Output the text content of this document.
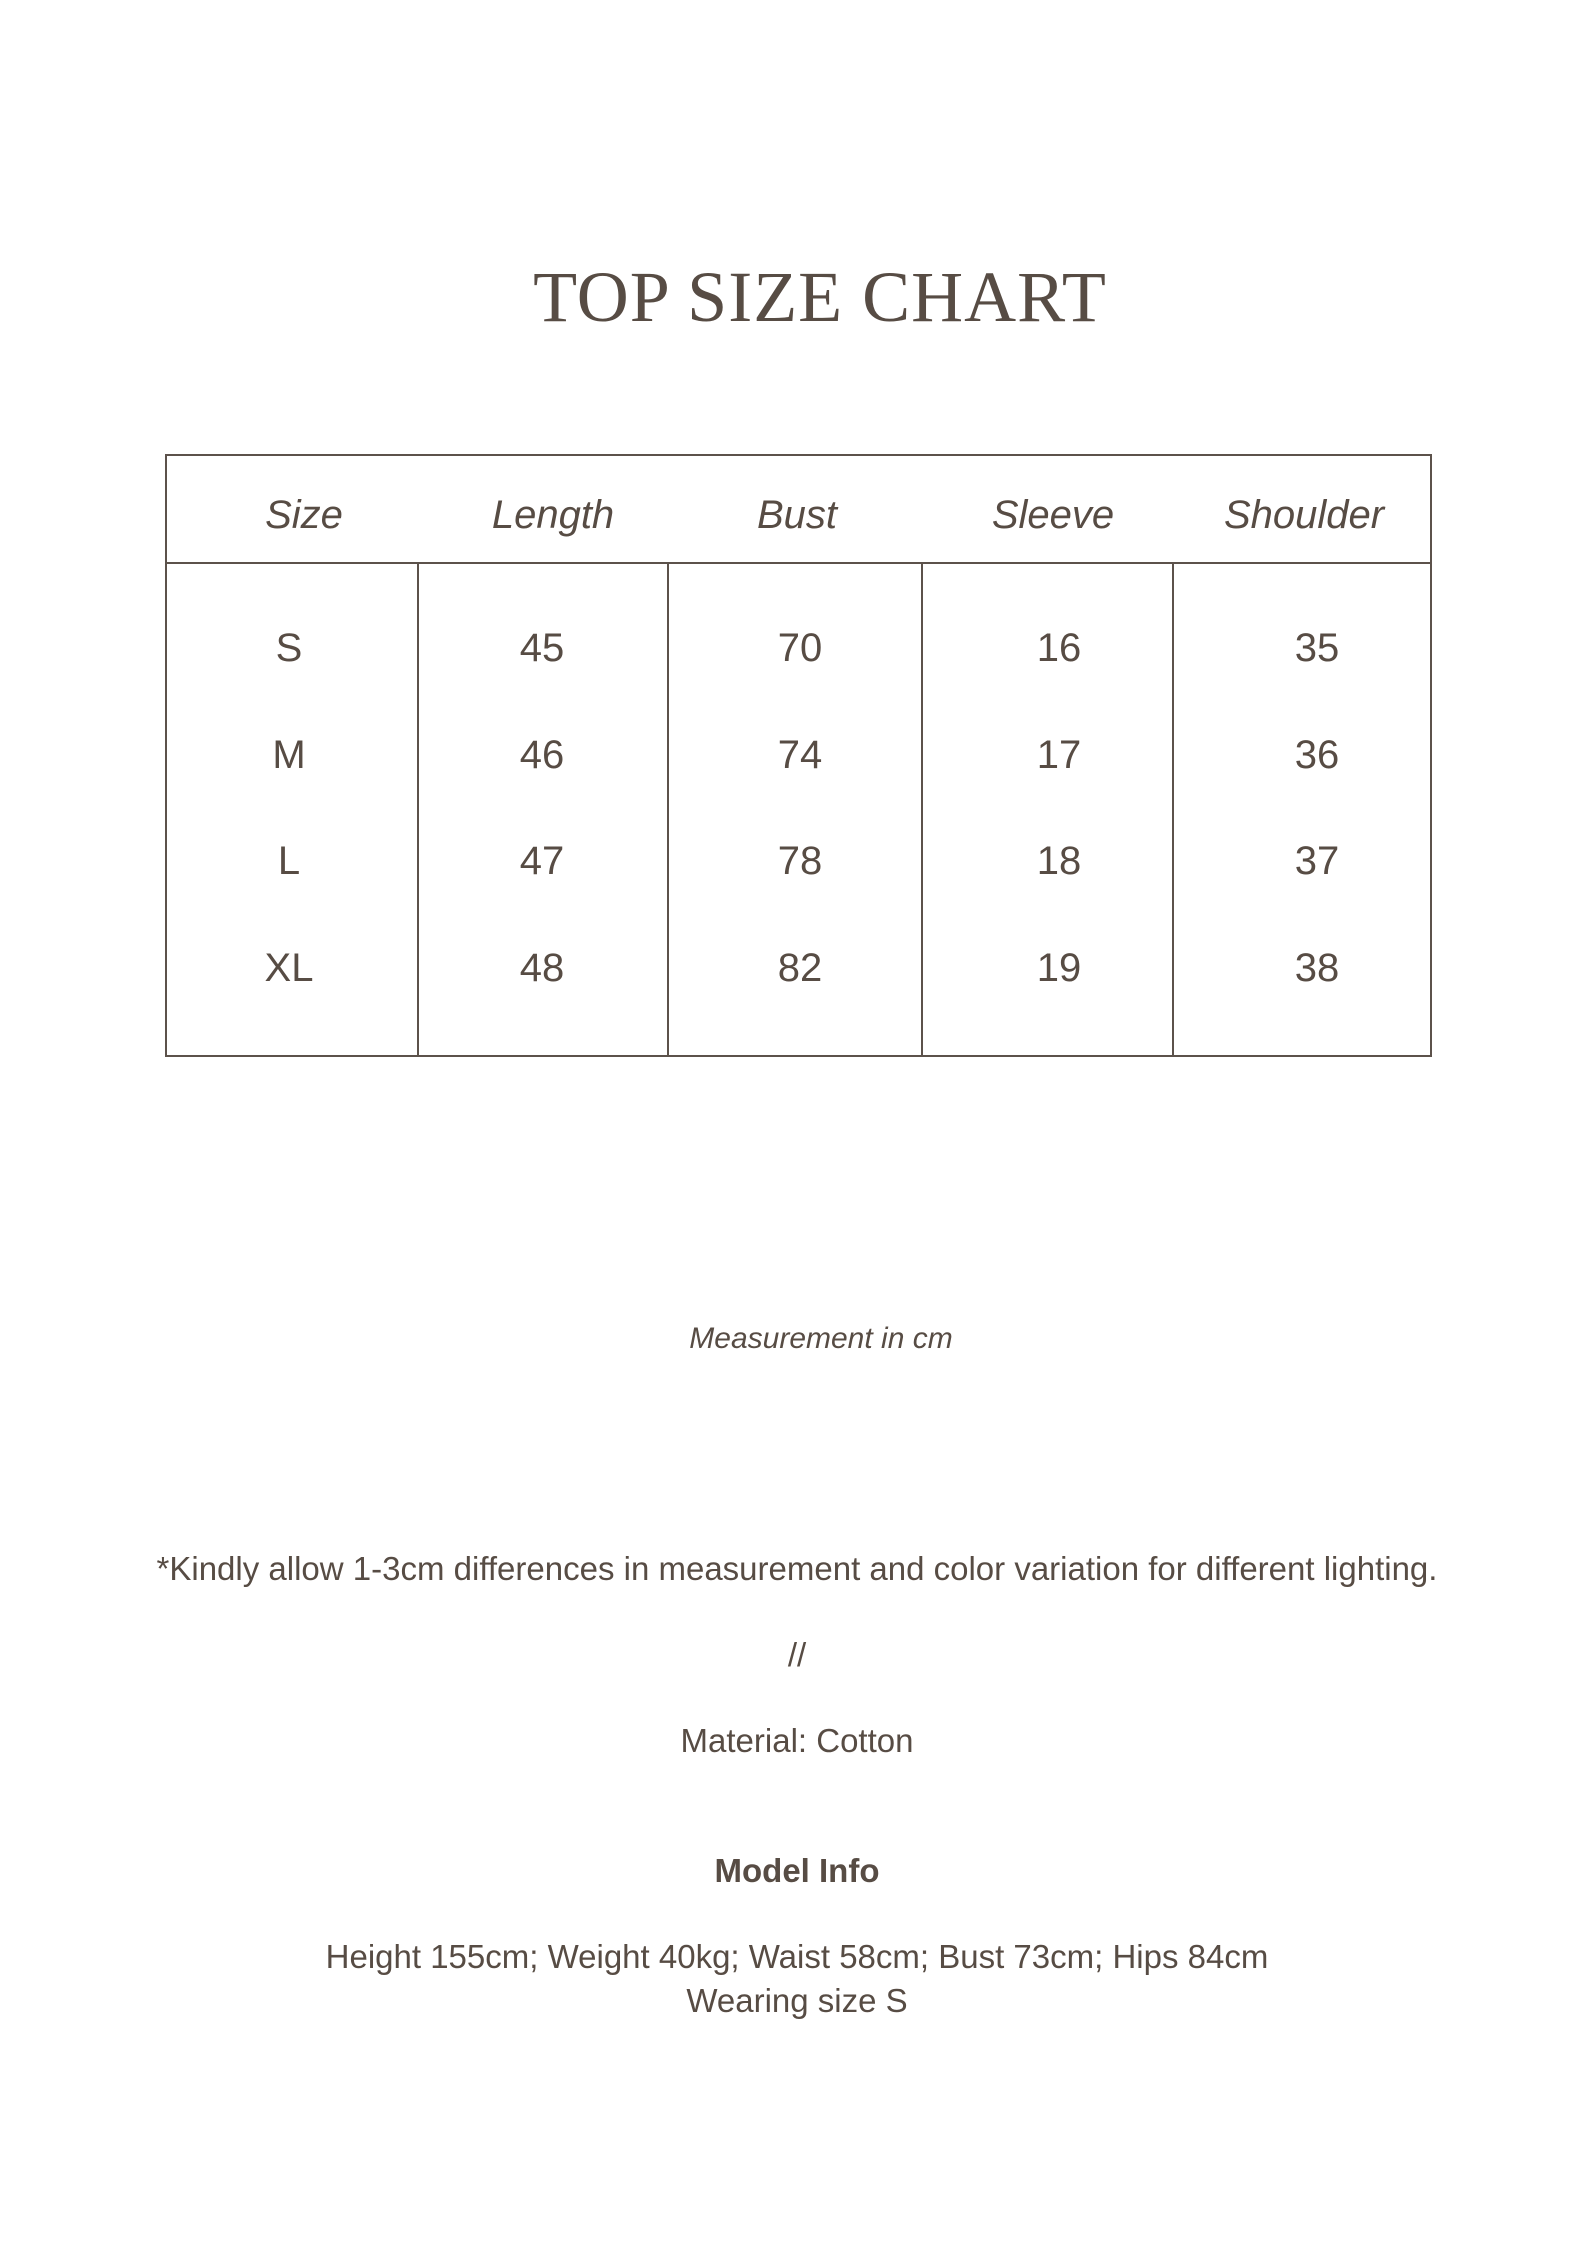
TOP SIZE CHART
Size	Length	Bust	Sleeve	Shoulder
S	45	70	16	35
M	46	74	17	36
L	47	78	18	37
XL	48	82	19	38
Measurement in cm
*Kindly allow 1-3cm differences in measurement and color variation for different lighting.
//
Material: Cotton
Model Info
Height 155cm; Weight 40kg; Waist 58cm; Bust 73cm; Hips 84cm
Wearing size S
